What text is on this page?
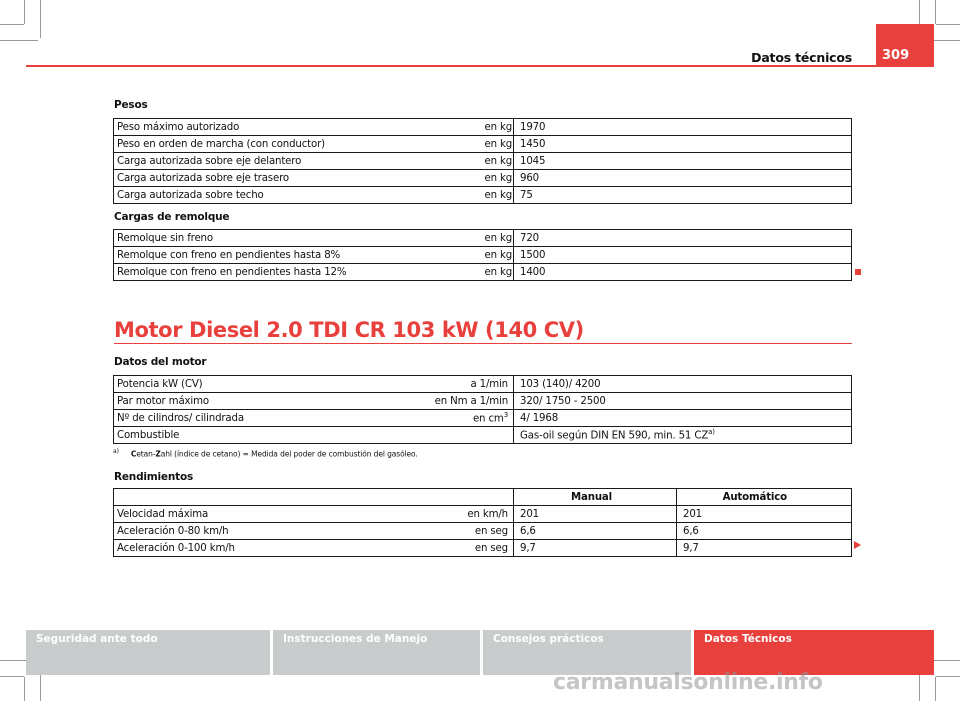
Datos técnicos	309
Pesos
Peso máximo autorizado	en kg	1970
Peso en orden de marcha (con conductor)	en kg	1450
Carga autorizada sobre eje delantero	en kg	1045
Carga autorizada sobre eje trasero	en kg	960
Carga autorizada sobre techo	en kg	75
Cargas de remolque
Remolque sin freno	en kg	720
Remolque con freno en pendientes hasta 8%	en kg	1500
Remolque con freno en pendientes hasta 12%	en kg	1400
Motor Diesel 2.0 TDI CR 103 kW (140 CV)
Datos del motor
Potencia kW (CV)	a 1/min	103 (140)/ 4200
Par motor máximo	en Nm a 1/min	320/ 1750 - 2500
Nº de cilindros/ cilindrada	en $cm^3$	4/ 1968
Combustible		Gas-oil según DIN EN 590, min. 51 CZ$^{a)}$
$^{a)}$ Cetan-Zahl (índice de cetano) = Medida del poder de combustión del gasóleo.
Rendimientos
		Manual	Automático
Velocidad máxima	en km/h	201	201
Aceleración 0-80 km/h	en seg	6,6	6,6
Aceleración 0-100 km/h	en seg	9,7	9,7
Seguridad ante todo	Instrucciones de Manejo	Consejos prácticos	Datos Técnicos
carmanualsonline.info
